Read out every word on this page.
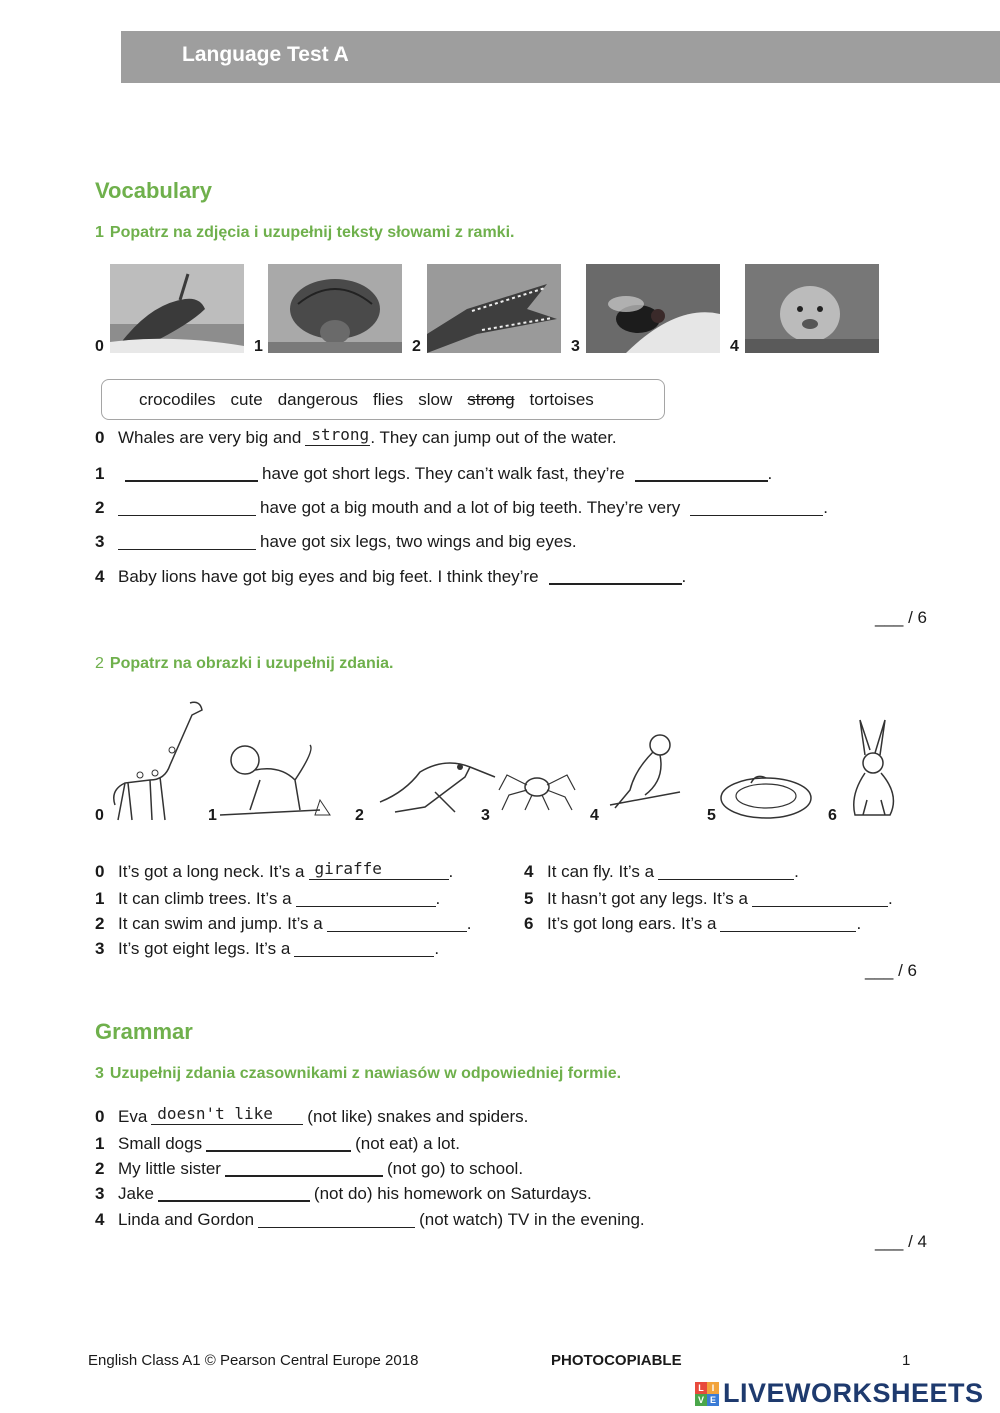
Language Test A
Vocabulary
1 Popatrz na zdjęcia i uzupełnij teksty słowami z ramki.
0	1	2	3	4
crocodiles cute dangerous flies slow strong tortoises
0 Whales are very big and strong . They can jump out of the water.
1	have got short legs. They can’t walk fast, they’re	.
2	have got a big mouth and a lot of big teeth. They’re very	.
3	have got six legs, two wings and big eyes.
4 Baby lions have got big eyes and big feet. I think they’re	.
___ / 6
2 Popatrz na obrazki i uzupełnij zdania.
0	1	2	3	4	5	6
0 It’s got a long neck. It’s a giraffe	.
1 It can climb trees. It’s a	.
2 It can swim and jump. It’s a	.
3 It’s got eight legs. It’s a	.
4 It can fly. It’s a	.
5 It hasn’t got any legs. It’s a	.
6 It’s got long ears. It’s a	.
___ / 6
Grammar
3 Uzupełnij zdania czasownikami z nawiasów w odpowiedniej formie.
0 Eva doesn't like (not like) snakes and spiders.
1 Small dogs	(not eat) a lot.
2 My little sister	(not go) to school.
3 Jake	(not do) his homework on Saturdays.
4 Linda and Gordon	(not watch) TV in the evening.
___ / 4
English Class A1 © Pearson Central Europe 2018	PHOTOCOPIABLE	1
L I
V E LIVEWORKSHEETS
